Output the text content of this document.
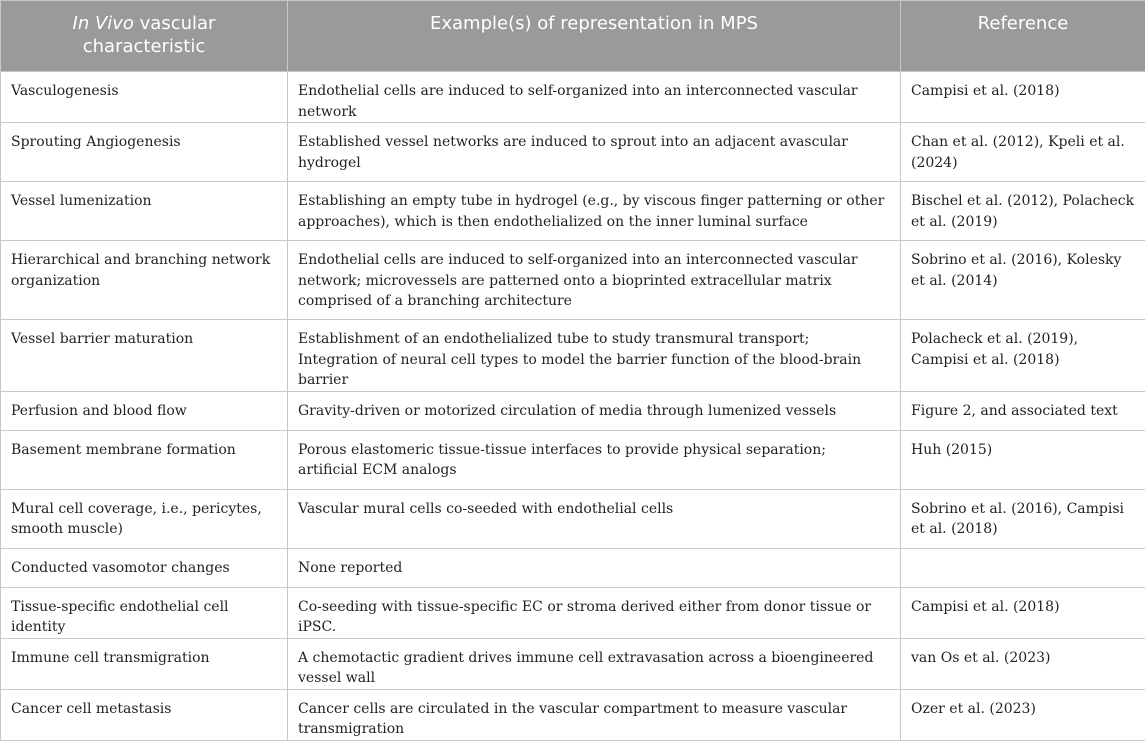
In Vivo vascular characteristic	Example(s) of representation in MPS	Reference
Vasculogenesis	Endothelial cells are induced to self-organized into an interconnected vascular network	Campisi et al. (2018)
Sprouting Angiogenesis	Established vessel networks are induced to sprout into an adjacent avascular hydrogel	Chan et al. (2012), Kpeli et al. (2024)
Vessel lumenization	Establishing an empty tube in hydrogel (e.g., by viscous finger patterning or other approaches), which is then endothelialized on the inner luminal surface	Bischel et al. (2012), Polacheck et al. (2019)
Hierarchical and branching network organization	Endothelial cells are induced to self-organized into an interconnected vascular network; microvessels are patterned onto a bioprinted extracellular matrix comprised of a branching architecture	Sobrino et al. (2016), Kolesky et al. (2014)
Vessel barrier maturation	Establishment of an endothelialized tube to study transmural transport; Integration of neural cell types to model the barrier function of the blood-brain barrier	Polacheck et al. (2019), Campisi et al. (2018)
Perfusion and blood flow	Gravity-driven or motorized circulation of media through lumenized vessels	Figure 2, and associated text
Basement membrane formation	Porous elastomeric tissue-tissue interfaces to provide physical separation; artificial ECM analogs	Huh (2015)
Mural cell coverage, i.e., pericytes, smooth muscle)	Vascular mural cells co-seeded with endothelial cells	Sobrino et al. (2016), Campisi et al. (2018)
Conducted vasomotor changes	None reported	
Tissue-specific endothelial cell identity	Co-seeding with tissue-specific EC or stroma derived either from donor tissue or iPSC.	Campisi et al. (2018)
Immune cell transmigration	A chemotactic gradient drives immune cell extravasation across a bioengineered vessel wall	van Os et al. (2023)
Cancer cell metastasis	Cancer cells are circulated in the vascular compartment to measure vascular transmigration	Ozer et al. (2023)
